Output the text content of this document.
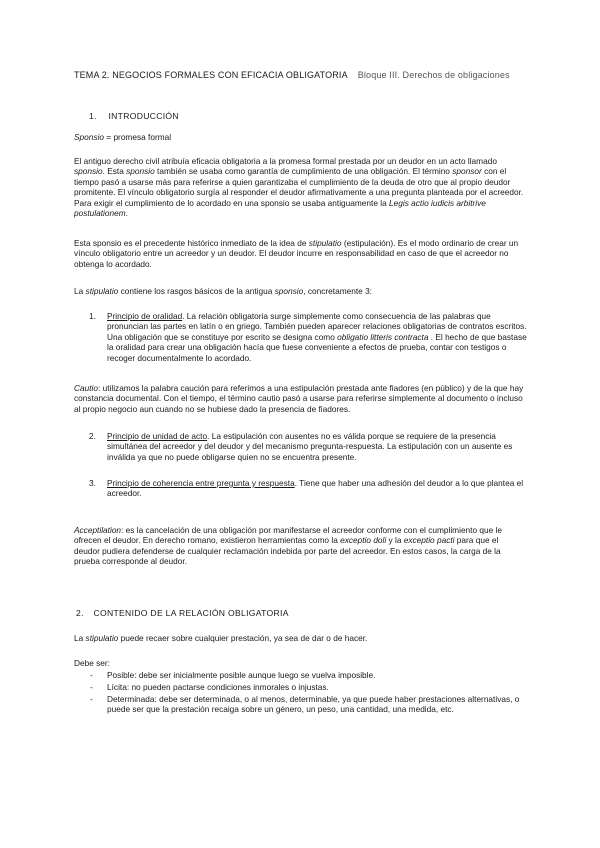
TEMA 2. NEGOCIOS FORMALES CON EFICACIA OBLIGATORIA Bloque III. Derechos de obligaciones
1. INTRODUCCIÓN
Sponsio = promesa formal
El antiguo derecho civil atribuía eficacia obligatoria a la promesa formal prestada por un deudor en un acto llamado sponsio. Esta sponsio también se usaba como garantía de cumplimiento de una obligación. El término sponsor con el tiempo pasó a usarse más para referirse a quien garantizaba el cumplimiento de la deuda de otro que al propio deudor promitente. El vínculo obligatorio surgía al responder el deudor afirmativamente a una pregunta planteada por el acreedor. Para exigir el cumplimiento de lo acordado en una sponsio se usaba antiguamente la Legis actio iudicis arbitrive postulationem.
Esta sponsio es el precedente histórico inmediato de la idea de stipulatio (estipulación). Es el modo ordinario de crear un vínculo obligatorio entre un acreedor y un deudor. El deudor incurre en responsabilidad en caso de que el acreedor no obtenga lo acordado.
La stipulatio contiene los rasgos básicos de la antigua sponsio, concretamente 3:
1. Principio de oralidad. La relación obligatoria surge simplemente como consecuencia de las palabras que pronuncian las partes en latín o en griego. También pueden aparecer relaciones obligatorias de contratos escritos. Una obligación que se constituye por escrito se designa como obligatio litteris contracta . El hecho de que bastase la oralidad para crear una obligación hacía que fuese conveniente a efectos de prueba, contar con testigos o recoger documentalmente lo acordado.
Cautio: utilizamos la palabra caución para referimos a una estipulación prestada ante fiadores (en público) y de la que hay constancia documental. Con el tiempo, el término cautio pasó a usarse para referirse simplemente al documento o incluso al propio negocio aun cuando no se hubiese dado la presencia de fiadores.
2. Principio de unidad de acto. La estipulación con ausentes no es válida porque se requiere de la presencia simultánea del acreedor y del deudor y del mecanismo pregunta-respuesta. La estipulación con un ausente es inválida ya que no puede obligarse quien no se encuentra presente.
3. Principio de coherencia entre pregunta y respuesta. Tiene que haber una adhesión del deudor a lo que plantea el acreedor.
Acceptilation: es la cancelación de una obligación por manifestarse el acreedor conforme con el cumplimiento que le ofrecen el deudor. En derecho romano, existieron herramientas como la exceptio doli y la exceptio pacti para que el deudor pudiera defenderse de cualquier reclamación indebida por parte del acreedor. En estos casos, la carga de la prueba corresponde al deudor.
2. CONTENIDO DE LA RELACIÓN OBLIGATORIA
La stipulatio puede recaer sobre cualquier prestación, ya sea de dar o de hacer.
Debe ser:
- Posible: debe ser inicialmente posible aunque luego se vuelva imposible.
- Lícita: no pueden pactarse condiciones inmorales o injustas.
- Determinada: debe ser determinada, o al menos, determinable, ya que puede haber prestaciones alternativas, o puede ser que la prestación recaiga sobre un género, un peso, una cantidad, una medida, etc.
